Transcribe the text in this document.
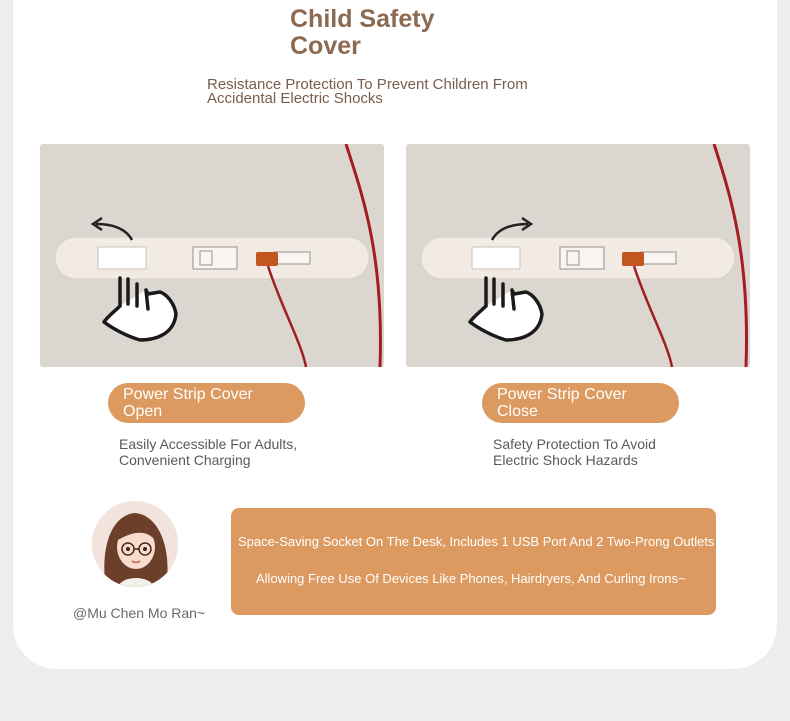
Child Safety
Cover

Resistance Protection To Prevent Children From
Accidental Electric Shocks

Power Strip Cover
Open
Power Strip Cover
Close
Easily Accessible For Adults,
Convenient Charging
Safety Protection To Avoid
Electric Shock Hazards
@Mu Chen Mo Ran~
Space-Saving Socket On The Desk, Includes 1 USB Port And 2 Two-Prong Outlets
Allowing Free Use Of Devices Like Phones, Hairdryers, And Curling Irons~
